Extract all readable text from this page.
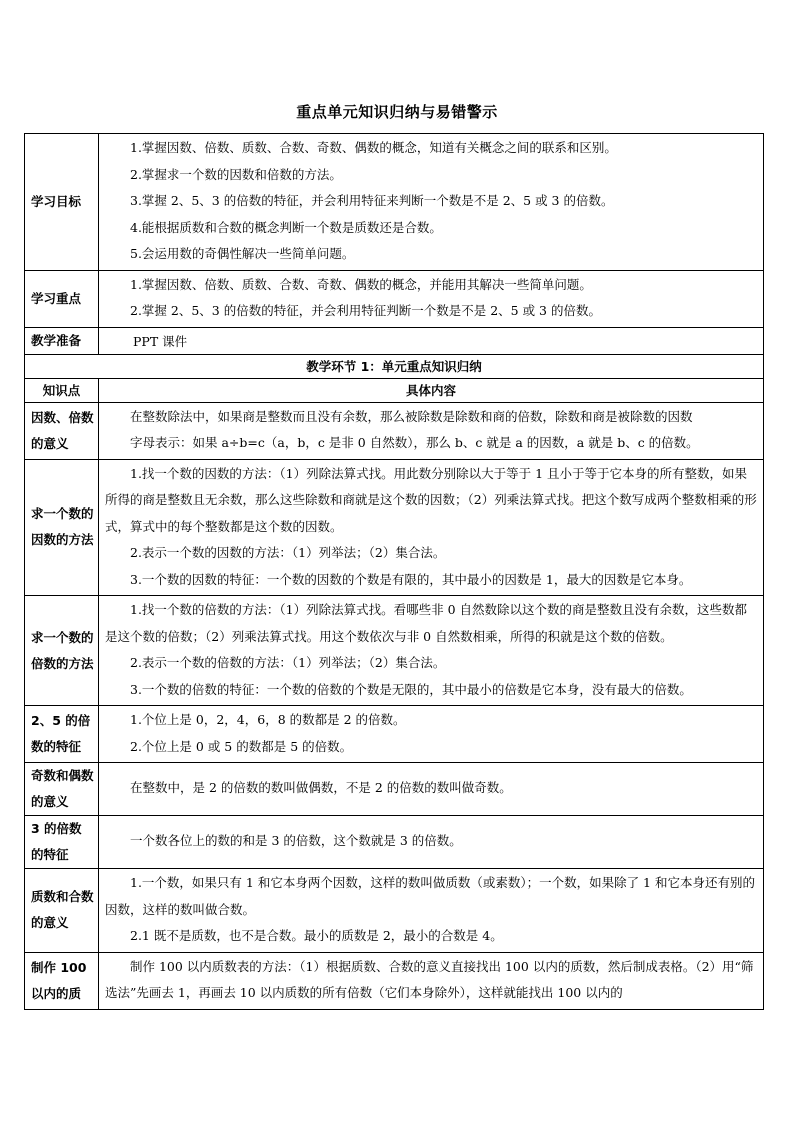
重点单元知识归纳与易错警示
学习目标	1.掌握因数、倍数、质数、合数、奇数、偶数的概念，知道有关概念之间的联系和区别。

2.掌握求一个数的因数和倍数的方法。

3.掌握 2、5、3 的倍数的特征，并会利用特征来判断一个数是不是 2、5 或 3 的倍数。

4.能根据质数和合数的概念判断一个数是质数还是合数。

5.会运用数的奇偶性解决一些简单问题。

学习重点	1.掌握因数、倍数、质数、合数、奇数、偶数的概念，并能用其解决一些简单问题。

2.掌握 2、5、3 的倍数的特征，并会利用特征判断一个数是不是 2、5 或 3 的倍数。

教学准备	PPT 课件
教学环节 1：单元重点知识归纳	
知识点	具体内容
因数、倍数的意义	在整数除法中，如果商是整数而且没有余数，那么被除数是除数和商的倍数，除数和商是被除数的因数

字母表示：如果 a÷b=c（a，b，c 是非 0 自然数），那么 b、c 就是 a 的因数，a 就是 b、c 的倍数。

求一个数的因数的方法	1.找一个数的因数的方法：（1）列除法算式找。用此数分别除以大于等于 1 且小于等于它本身的所有整数，如果所得的商是整数且无余数，那么这些除数和商就是这个数的因数；（2）列乘法算式找。把这个数写成两个整数相乘的形式，算式中的每个整数都是这个数的因数。

2.表示一个数的因数的方法：（1）列举法；（2）集合法。

3.一个数的因数的特征：一个数的因数的个数是有限的，其中最小的因数是 1，最大的因数是它本身。

求一个数的倍数的方法	1.找一个数的倍数的方法：（1）列除法算式找。看哪些非 0 自然数除以这个数的商是整数且没有余数，这些数都是这个数的倍数；（2）列乘法算式找。用这个数依次与非 0 自然数相乘，所得的积就是这个数的倍数。

2.表示一个数的倍数的方法：（1）列举法；（2）集合法。

3.一个数的倍数的特征：一个数的倍数的个数是无限的，其中最小的倍数是它本身，没有最大的倍数。

2、5 的倍数的特征	1.个位上是 0，2，4，6，8 的数都是 2 的倍数。

2.个位上是 0 或 5 的数都是 5 的倍数。

奇数和偶数的意义	在整数中，是 2 的倍数的数叫做偶数，不是 2 的倍数的数叫做奇数。

3 的倍数的特征	一个数各位上的数的和是 3 的倍数，这个数就是 3 的倍数。

质数和合数的意义	1.一个数，如果只有 1 和它本身两个因数，这样的数叫做质数（或素数）；一个数，如果除了 1 和它本身还有别的因数，这样的数叫做合数。

2.1 既不是质数，也不是合数。最小的质数是 2，最小的合数是 4。

制作 100 以内的质	制作 100 以内质数表的方法：（1）根据质数、合数的意义直接找出 100 以内的质数，然后制成表格。（2）用“筛选法”先画去 1，再画去 10 以内质数的所有倍数（它们本身除外），这样就能找出 100 以内的
